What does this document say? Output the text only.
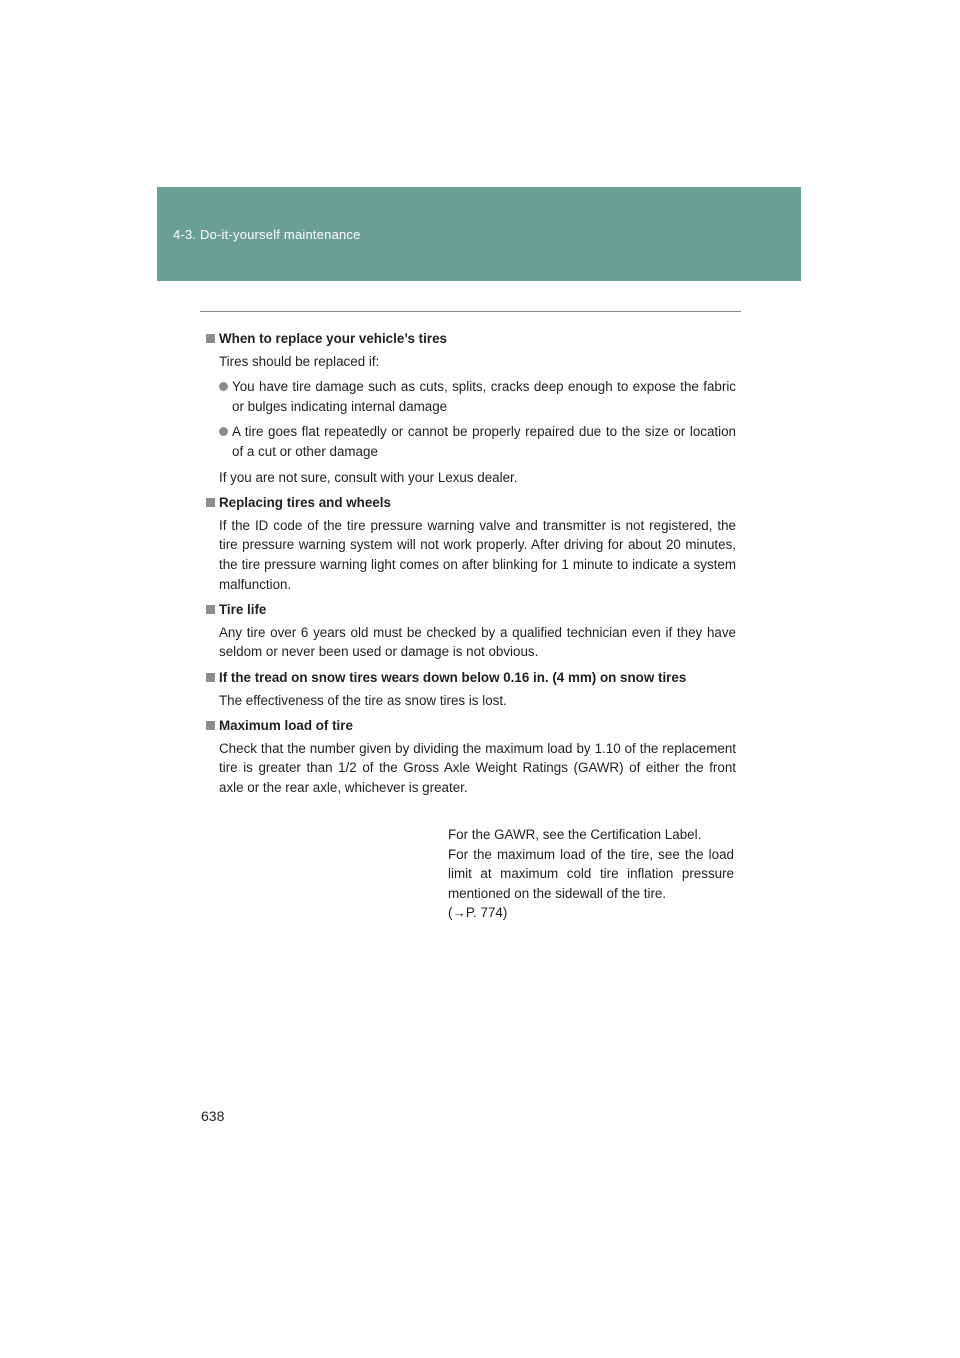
4-3. Do-it-yourself maintenance
When to replace your vehicle’s tires
Tires should be replaced if:
You have tire damage such as cuts, splits, cracks deep enough to expose the fabric or bulges indicating internal damage
A tire goes flat repeatedly or cannot be properly repaired due to the size or location of a cut or other damage
If you are not sure, consult with your Lexus dealer.
Replacing tires and wheels
If the ID code of the tire pressure warning valve and transmitter is not registered, the tire pressure warning system will not work properly. After driving for about 20 minutes, the tire pressure warning light comes on after blinking for 1 minute to indicate a system malfunction.
Tire life
Any tire over 6 years old must be checked by a qualified technician even if they have seldom or never been used or damage is not obvious.
If the tread on snow tires wears down below 0.16 in. (4 mm) on snow tires
The effectiveness of the tire as snow tires is lost.
Maximum load of tire
Check that the number given by dividing the maximum load by 1.10 of the replacement tire is greater than 1/2 of the Gross Axle Weight Ratings (GAWR) of either the front axle or the rear axle, whichever is greater.

For the GAWR, see the Certification Label.

For the maximum load of the tire, see the load limit at maximum cold tire inflation pressure mentioned on the sidewall of the tire.

(→P. 774)

638
